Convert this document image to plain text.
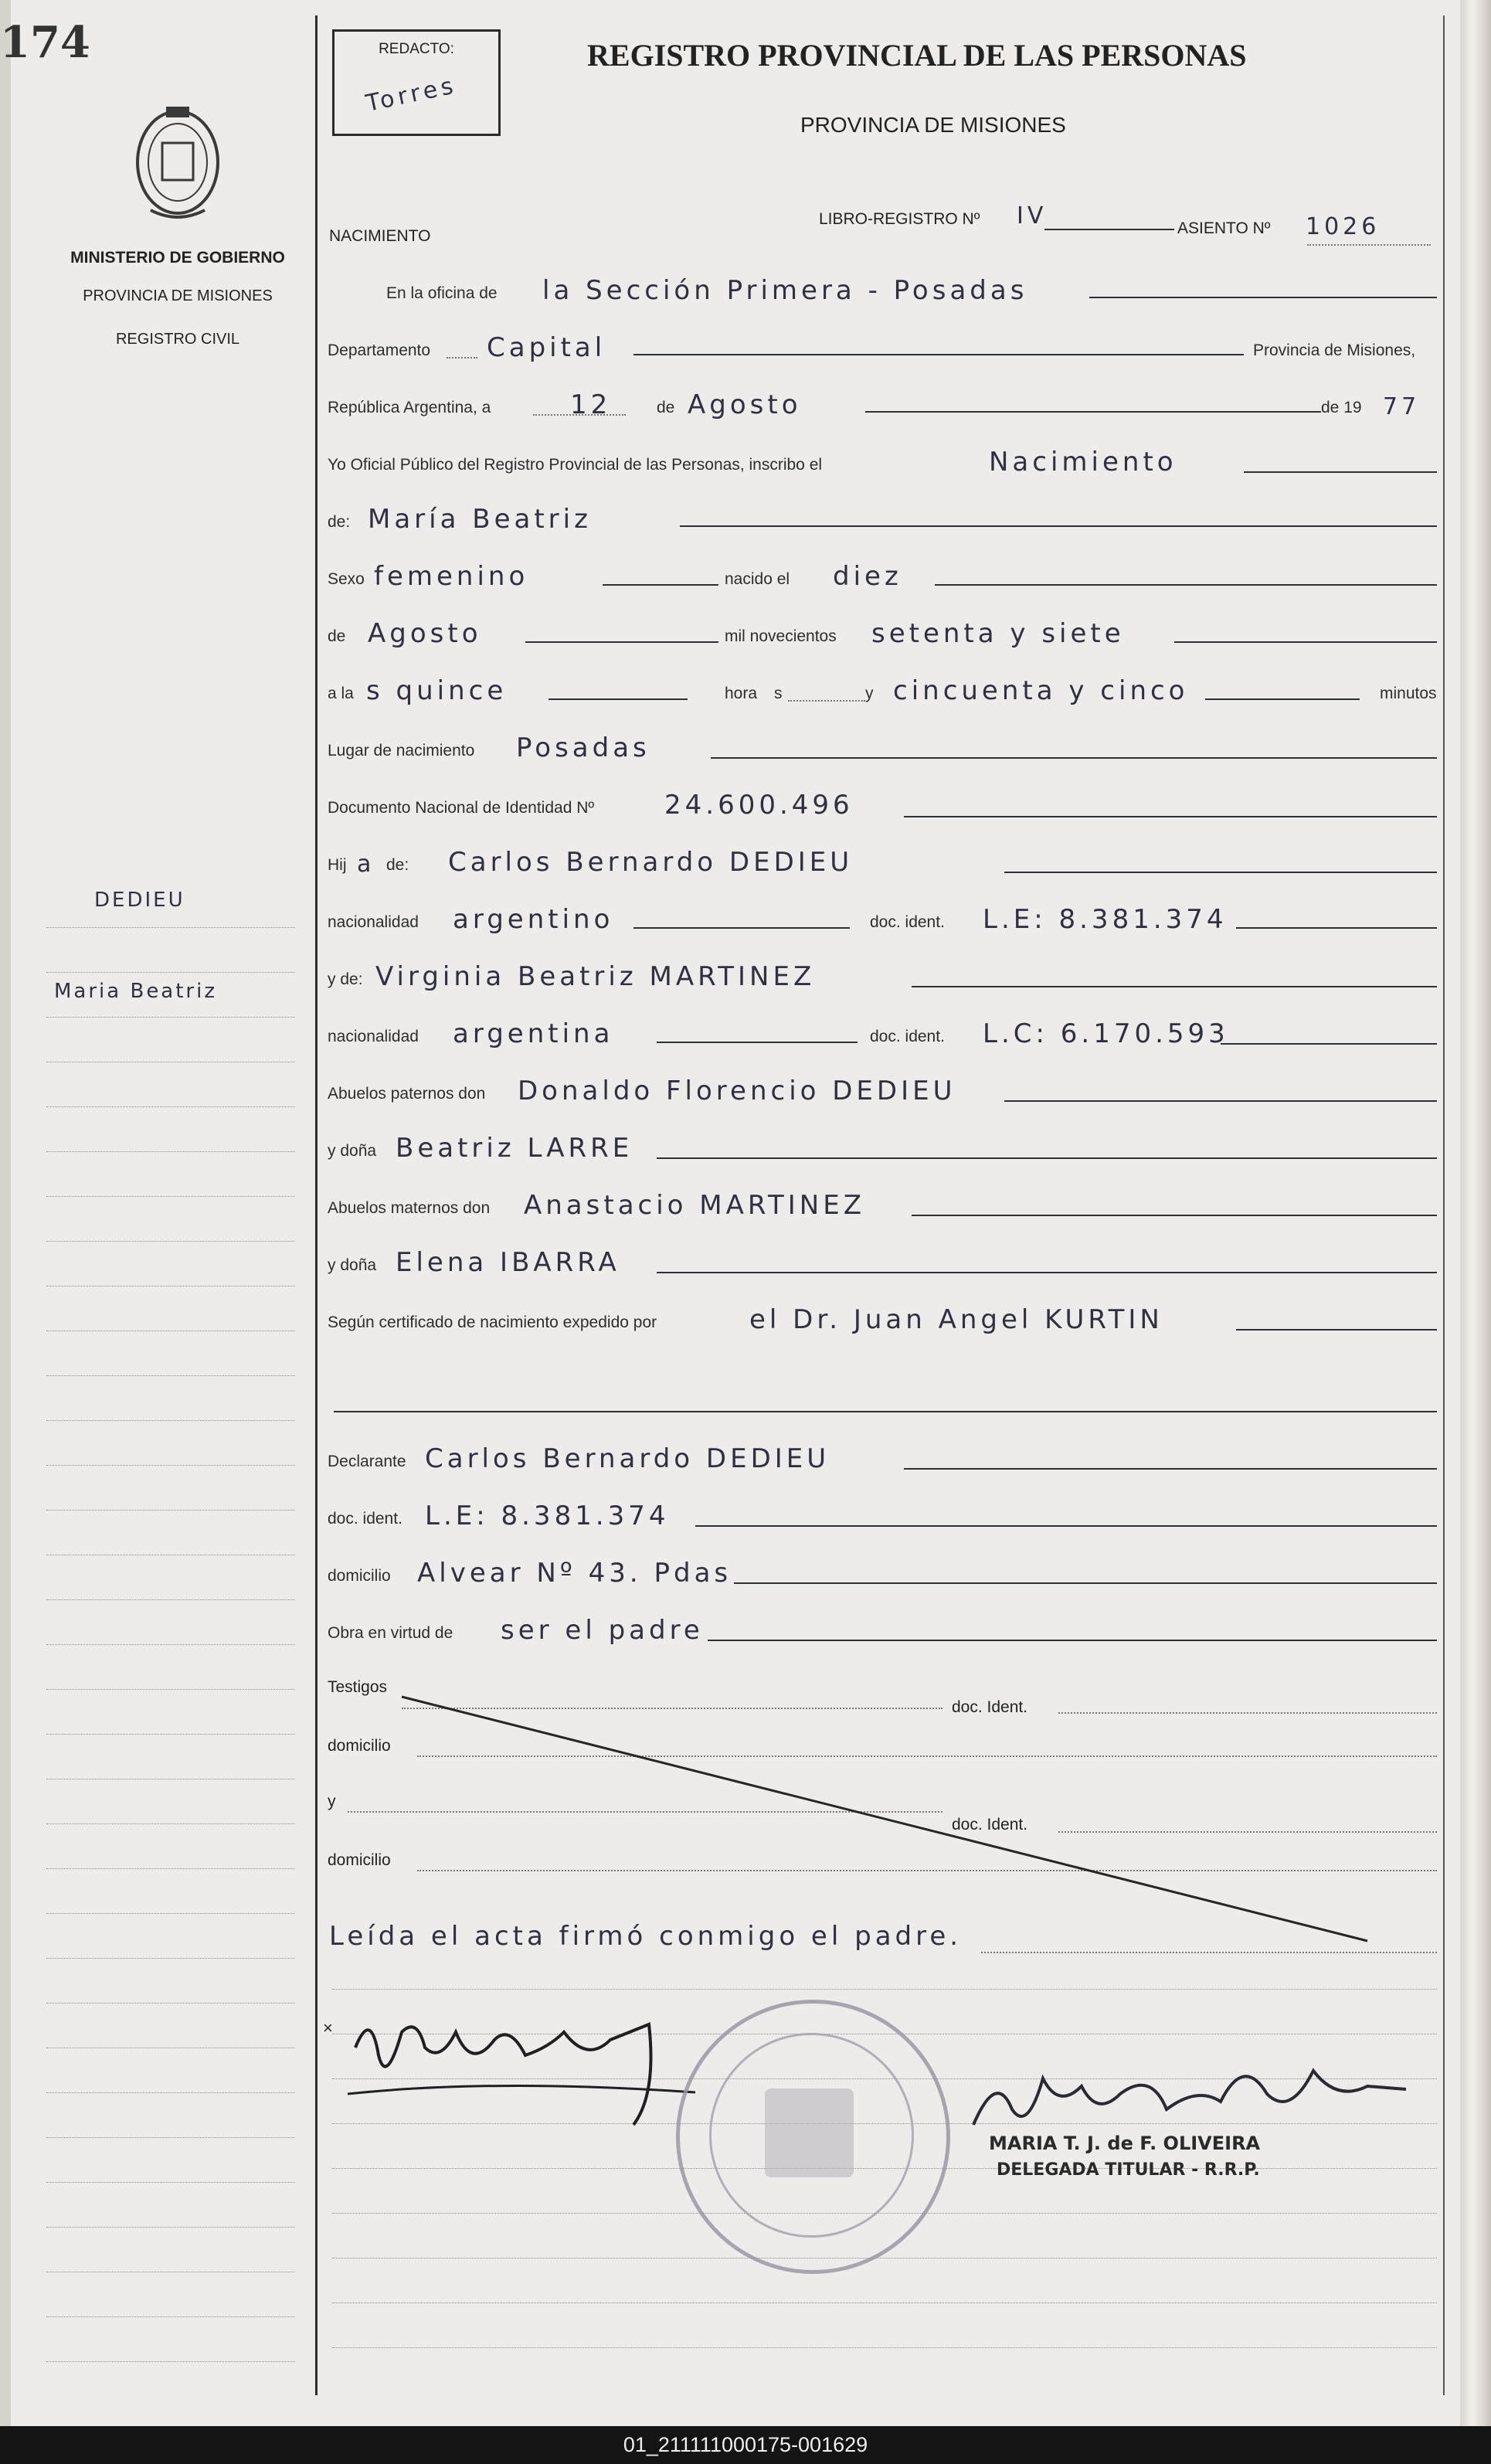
174
MINISTERIO DE GOBIERNO
PROVINCIA DE MISIONES
REGISTRO CIVIL
DEDIEU
Maria Beatriz
REDACTO:
Torres
REGISTRO PROVINCIAL DE LAS PERSONAS
PROVINCIA DE MISIONES
NACIMIENTO
LIBRO-REGISTRO Nº IV	ASIENTO Nº 1026
En la oficina de la Sección Primera - Posadas
Departamento Capital	Provincia de Misiones,
República Argentina, a	12	de Agosto	de 19 77
Yo Oficial Público del Registro Provincial de las Personas, inscribo el	Nacimiento
de: María Beatriz
Sexo femenino	nacido el diez
de Agosto	mil novecientos setenta y siete
a la s quince	hora s	y cincuenta y cinco	minutos
Lugar de nacimiento Posadas
Documento Nacional de Identidad Nº	24.600.496
Hij a de: Carlos Bernardo DEDIEU
nacionalidad argentino	doc. ident. L.E: 8.381.374
y de: Virginia Beatriz MARTINEZ
nacionalidad argentina	doc. ident. L.C: 6.170.593
Abuelos paternos don Donaldo Florencio DEDIEU
y doña Beatriz LARRE
Abuelos maternos don Anastacio MARTINEZ
y doña Elena IBARRA
Según certificado de nacimiento expedido por	el Dr. Juan Angel KURTIN
Declarante Carlos Bernardo DEDIEU
doc. ident. L.E: 8.381.374
domicilio Alvear Nº 43. Pdas
Obra en virtud de ser el padre
Testigos
doc. Ident.
domicilio
y
doc. Ident.
domicilio
Leída el acta firmó conmigo el padre.
×
MARIA T. J. de F. OLIVEIRA
DELEGADA TITULAR - R.R.P.
01_211111000175-001629
